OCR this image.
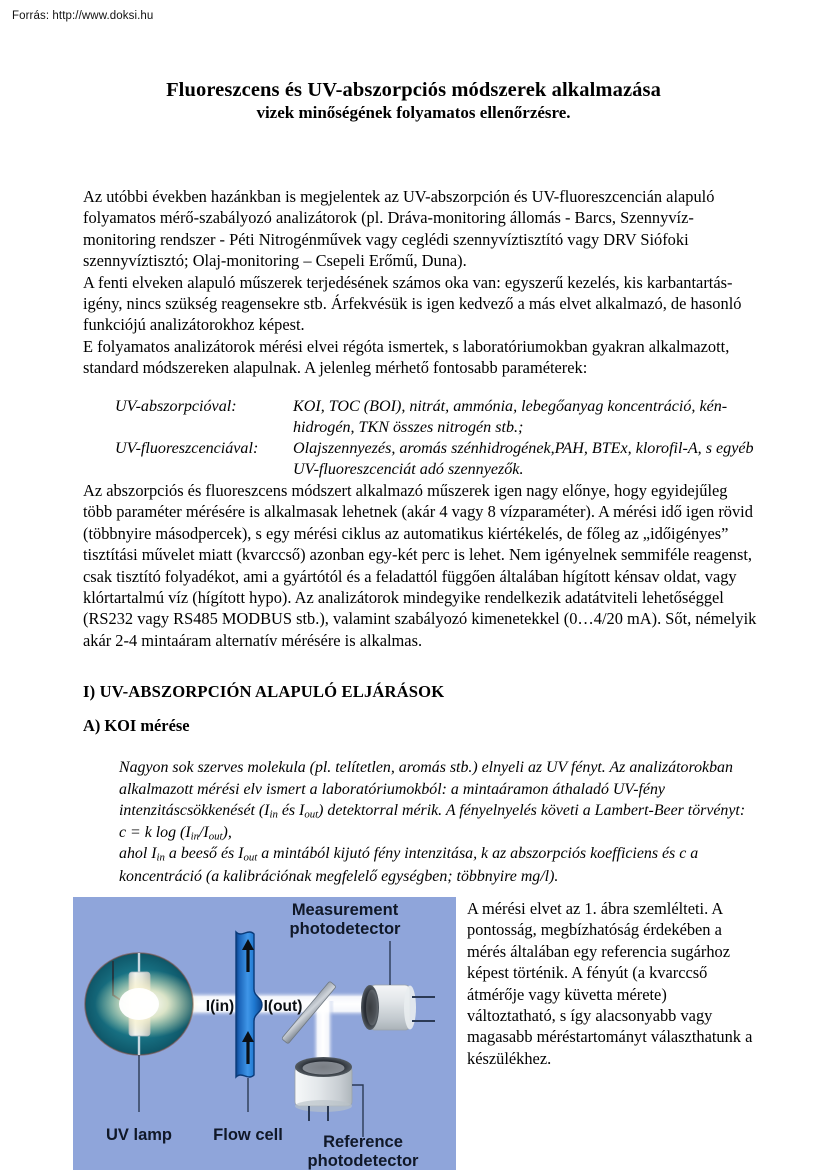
Forrás: http://www.doksi.hu
Fluoreszcens és UV-abszorpciós módszerek alkalmazása
vizek minőségének folyamatos ellenőrzésre.

Az utóbbi években hazánkban is megjelentek az UV-abszorpción és UV-fluoreszcencián alapuló folyamatos mérő-szabályozó analizátorok (pl. Dráva-monitoring állomás - Barcs, Szennyvíz-monitoring rendszer - Péti Nitrogénművek vagy ceglédi szennyvíztisztító vagy DRV Siófoki szennyvíztisztó; Olaj-monitoring – Csepeli Erőmű, Duna).

A fenti elveken alapuló műszerek terjedésének számos oka van: egyszerű kezelés, kis karbantartás-igény, nincs szükség reagensekre stb. Árfekvésük is igen kedvező a más elvet alkalmazó, de hasonló funkciójú analizátorokhoz képest.

E folyamatos analizátorok mérési elvei régóta ismertek, s laboratóriumokban gyakran alkalmazott, standard módszereken alapulnak. A jelenleg mérhető fontosabb paraméterek:

UV-abszorpcióval:	KOI, TOC (BOI), nitrát, ammónia, lebegőanyag koncentráció, kén-hidrogén, TKN összes nitrogén stb.;
UV-fluoreszcenciával:	Olajszennyezés, aromás szénhidrogének,PAH, BTEx, klorofil-A, s egyéb UV-fluoreszcenciát adó szennyezők.

Az abszorpciós és fluoreszcens módszert alkalmazó műszerek igen nagy előnye, hogy egyidejűleg több paraméter mérésére is alkalmasak lehetnek (akár 4 vagy 8 vízparaméter). A mérési idő igen rövid (többnyire másodpercek), s egy mérési ciklus az automatikus kiértékelés, de főleg az „időigényes” tisztítási művelet miatt (kvarccső) azonban egy-két perc is lehet. Nem igényelnek semmiféle reagenst, csak tisztító folyadékot, ami a gyártótól és a feladattól függően általában hígított kénsav oldat, vagy klórtartalmú víz (hígított hypo). Az analizátorok mindegyike rendelkezik adatátviteli lehetőséggel (RS232 vagy RS485 MODBUS stb.), valamint szabályozó kimenetekkel (0…4/20 mA). Sőt, némelyik akár 2-4 mintaáram alternatív mérésére is alkalmas.

I) UV-ABSZORPCIÓN ALAPULÓ ELJÁRÁSOK
A) KOI mérése

Nagyon sok szerves molekula (pl. telítetlen, aromás stb.) elnyeli az UV fényt. Az analizátorokban alkalmazott mérési elv ismert a laboratóriumokból: a mintaáramon áthaladó UV-fény intenzitáscsökkenését ($I_{in}$ és $I_{out}$) detektorral mérik. A fényelnyelés követi a Lambert-Beer törvényt:

c = k $\log (I_{in}/I_{out})$,

ahol $I_{in}$ a beeső és $I_{out}$ a mintából kijutó fény intenzitása, k az abszorpciós koefficiens és c a koncentráció (a kalibrációnak megfelelő egységben; többnyire mg/l).

Measurement
photodetector
I(in) I(out)
UV lamp Flow cell Reference
photodetector
A mérési elvet az 1. ábra szemlélteti. A pontosság, megbízhatóság érdekében a mérés általában egy referencia sugárhoz képest történik. A fényút (a kvarccső átmérője vagy küvetta mérete) változtatható, s így alacsonyabb vagy magasabb méréstartományt választhatunk a készülékhez.
